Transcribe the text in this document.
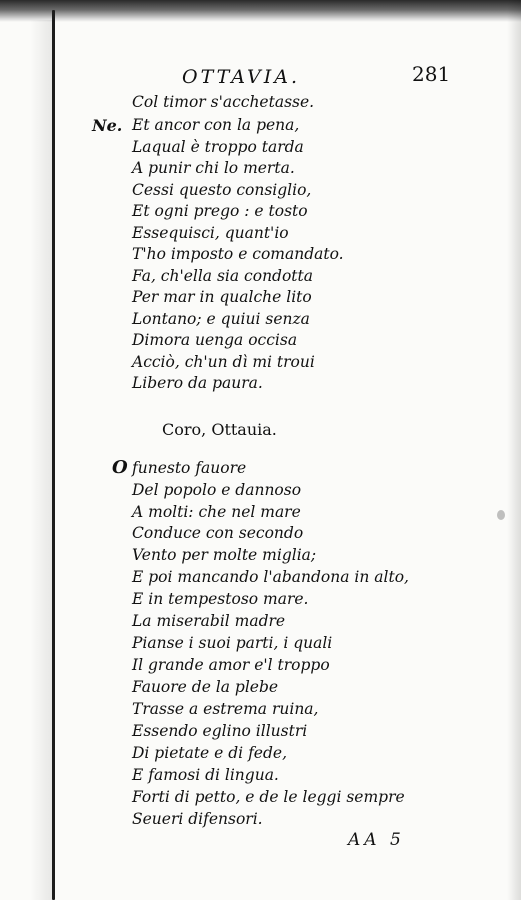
OTTAVIA.	281
Col timor s'acchetasse.
Ne. Et ancor con la pena,
Laqual è troppo tarda
A punir chi lo merta.
Cessi questo consiglio,
Et ogni prego : e tosto
Essequisci, quant'io
T'ho imposto e comandato.
Fa, ch'ella sia condotta
Per mar in qualche lito
Lontano; e quiui senza
Dimora uenga occisa
Acciò, ch'un dì mi troui
Libero da paura.
Coro, Ottauia.
O funesto fauore
Del popolo e dannoso
A molti: che nel mare
Conduce con secondo
Vento per molte miglia;
E poi mancando l'abandona in alto,
E in tempestoso mare.
La miserabil madre
Pianse i suoi parti, i quali
Il grande amor e'l troppo
Fauore de la plebe
Trasse a estrema ruina,
Essendo eglino illustri
Di pietate e di fede,
E famosi di lingua.
Forti di petto, e de le leggi sempre
Seueri difensori.
AA 5
